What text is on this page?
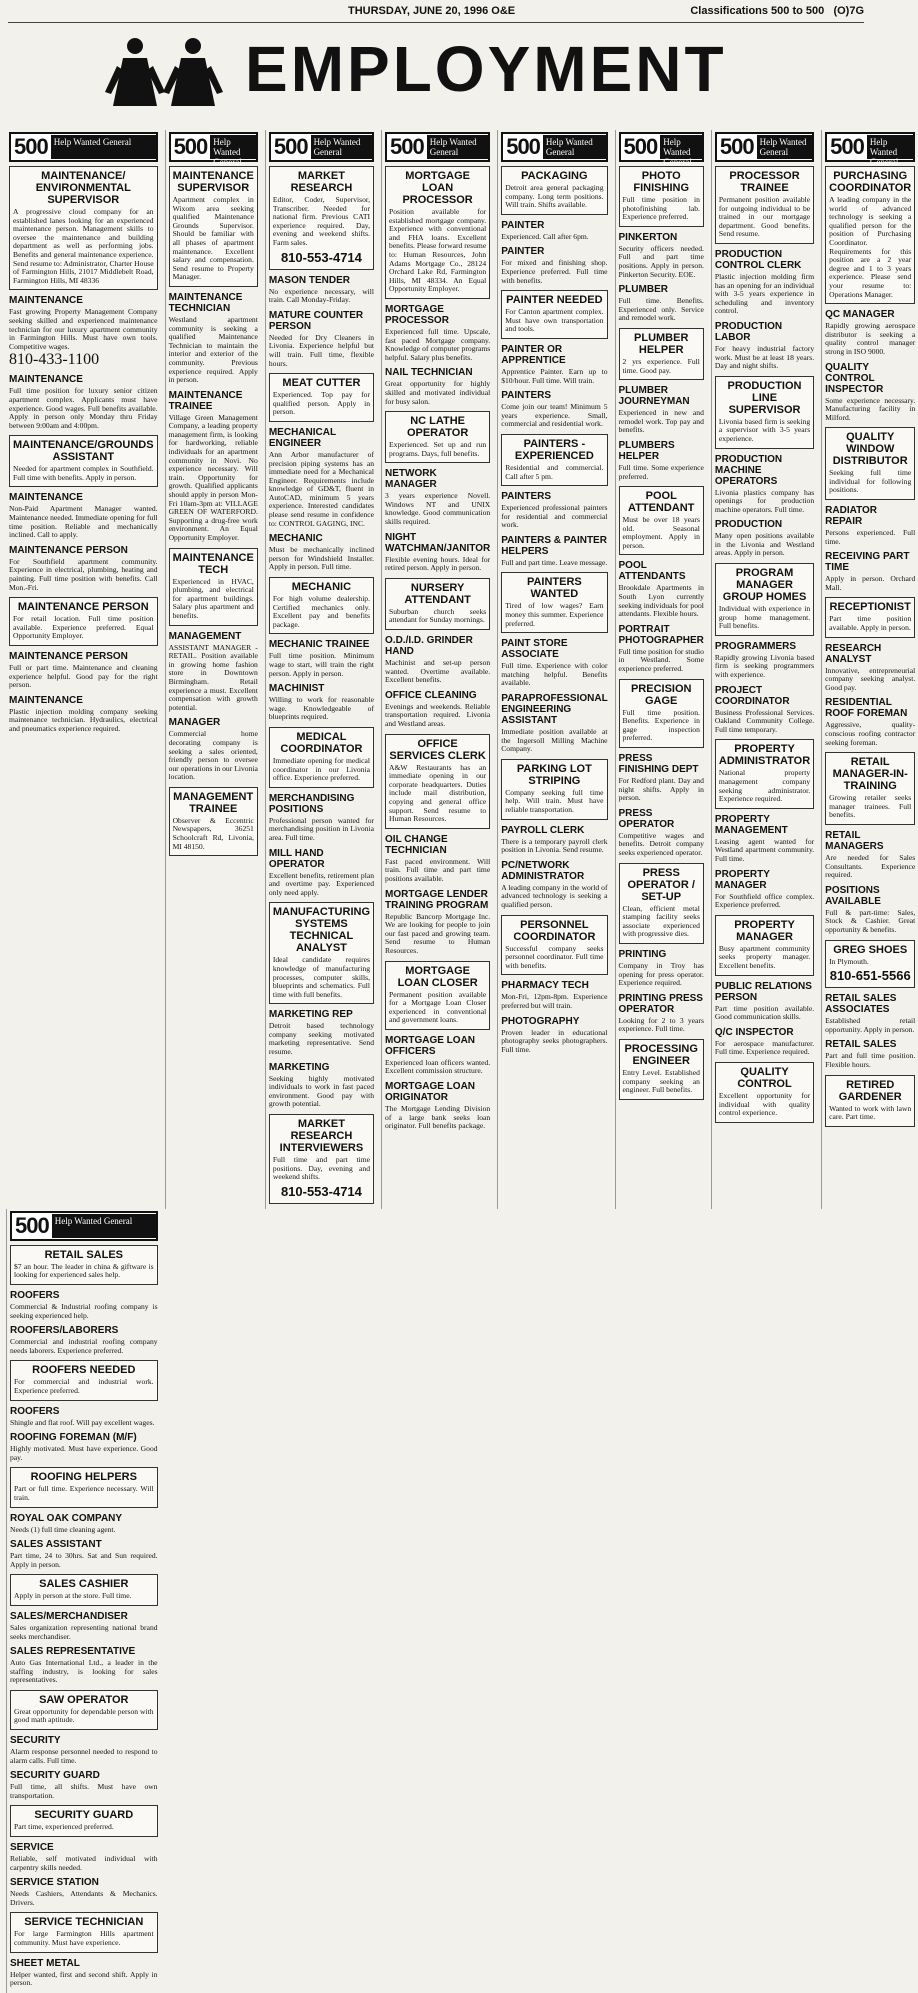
THURSDAY, JUNE 20, 1996 O&E	Classifications 500 to 500 (O)7G
EMPLOYMENT
500 Help Wanted General
MAINTENANCE/ ENVIRONMENTAL SUPERVISOR

A progressive cloud company for an established lanes looking for an experienced maintenance person. Management skills to oversee the maintenance and building department as well as performing jobs. Benefits and general maintenance experience. Send resume to: Administrator, Charter House of Farmington Hills, 21017 Middlebelt Road, Farmington Hills, MI 48336

MAINTENANCE

Fast growing Property Management Company seeking skilled and experienced maintenance technician for our luxury apartment community in Farmington Hills. Must have own tools. Competitive wages.

810-433-1100
MAINTENANCE

Full time position for luxury senior citizen apartment complex. Applicants must have experience. Good wages. Full benefits available. Apply in person only Monday thru Friday between 9:00am and 4:00pm.

MAINTENANCE/GROUNDS ASSISTANT

Needed for apartment complex in Southfield. Full time with benefits. Apply in person.

MAINTENANCE

Non-Paid Apartment Manager wanted. Maintenance needed. Immediate opening for full time position. Reliable and mechanically inclined. Call to apply.

MAINTENANCE PERSON

For Southfield apartment community. Experience in electrical, plumbing, heating and painting. Full time position with benefits. Call Mon.-Fri.

MAINTENANCE PERSON

For retail location. Full time position available. Experience preferred. Equal Opportunity Employer.

MAINTENANCE PERSON

Full or part time. Maintenance and cleaning experience helpful. Good pay for the right person.

MAINTENANCE

Plastic injection molding company seeking maintenance technician. Hydraulics, electrical and pneumatics experience required.

500 Help Wanted General
MAINTENANCE SUPERVISOR

Apartment complex in Wixom area seeking qualified Maintenance Grounds Supervisor. Should be familiar with all phases of apartment maintenance. Excellent salary and compensation. Send resume to Property Manager.

MAINTENANCE TECHNICIAN

Westland apartment community is seeking a qualified Maintenance Technician to maintain the interior and exterior of the community. Previous experience required. Apply in person.

MAINTENANCE TRAINEE

Village Green Management Company, a leading property management firm, is looking for hardworking, reliable individuals for an apartment community in Novi. No experience necessary. Will train. Opportunity for growth. Qualified applicants should apply in person Mon-Fri 10am-3pm at: VILLAGE GREEN OF WATERFORD. Supporting a drug-free work environment. An Equal Opportunity Employer.

MAINTENANCE TECH

Experienced in HVAC, plumbing, and electrical for apartment buildings. Salary plus apartment and benefits.

MANAGEMENT

ASSISTANT MANAGER - RETAIL. Position available in growing home fashion store in Downtown Birmingham. Retail experience a must. Excellent compensation with growth potential.

MANAGER

Commercial home decorating company is seeking a sales oriented, friendly person to oversee our operations in our Livonia location.

MANAGEMENT TRAINEE

Observer & Eccentric Newspapers, 36251 Schoolcraft Rd, Livonia, MI 48150.

500 Help Wanted General
MARKET RESEARCH

Editor, Coder, Supervisor, Transcriber. Needed for national firm. Previous CATI experience required. Day, evening and weekend shifts. Farm sales.

810-553-4714
MASON TENDER

No experience necessary, will train. Call Monday-Friday.

MATURE COUNTER PERSON

Needed for Dry Cleaners in Livonia. Experience helpful but will train. Full time, flexible hours.

MEAT CUTTER

Experienced. Top pay for qualified person. Apply in person.

MECHANICAL ENGINEER

Ann Arbor manufacturer of precision piping systems has an immediate need for a Mechanical Engineer. Requirements include knowledge of GD&T, fluent in AutoCAD, minimum 5 years experience. Interested candidates please send resume in confidence to: CONTROL GAGING, INC.

MECHANIC

Must be mechanically inclined person for Windshield Installer. Apply in person. Full time.

MECHANIC

For high volume dealership. Certified mechanics only. Excellent pay and benefits package.

MECHANIC TRAINEE

Full time position. Minimum wage to start, will train the right person. Apply in person.

MACHINIST

Willing to work for reasonable wage. Knowledgeable of blueprints required.

MEDICAL COORDINATOR

Immediate opening for medical coordinator in our Livonia office. Experience preferred.

MERCHANDISING POSITIONS

Professional person wanted for merchandising position in Livonia area. Full time.

MILL HAND OPERATOR

Excellent benefits, retirement plan and overtime pay. Experienced only need apply.

MANUFACTURING SYSTEMS TECHNICAL ANALYST

Ideal candidate requires knowledge of manufacturing processes, computer skills, blueprints and schematics. Full time with full benefits.

MARKETING REP

Detroit based technology company seeking motivated marketing representative. Send resume.

MARKETING

Seeking highly motivated individuals to work in fast paced environment. Good pay with growth potential.

MARKET RESEARCH INTERVIEWERS

Full time and part time positions. Day, evening and weekend shifts.

810-553-4714
500 Help Wanted General
MORTGAGE LOAN PROCESSOR

Position available for established mortgage company. Experience with conventional and FHA loans. Excellent benefits. Please forward resume to: Human Resources, John Adams Mortgage Co., 28124 Orchard Lake Rd, Farmington Hills, MI 48334. An Equal Opportunity Employer.

MORTGAGE PROCESSOR

Experienced full time. Upscale, fast paced Mortgage company. Knowledge of computer programs helpful. Salary plus benefits.

NAIL TECHNICIAN

Great opportunity for highly skilled and motivated individual for busy salon.

NC LATHE OPERATOR

Experienced. Set up and run programs. Days, full benefits.

NETWORK MANAGER

3 years experience Novell. Windows NT and UNIX knowledge. Good communication skills required.

NIGHT WATCHMAN/JANITOR

Flexible evening hours. Ideal for retired person. Apply in person.

NURSERY ATTENDANT

Suburban church seeks attendant for Sunday mornings.

O.D./I.D. GRINDER HAND

Machinist and set-up person wanted. Overtime available. Excellent benefits.

OFFICE CLEANING

Evenings and weekends. Reliable transportation required. Livonia and Westland areas.

OFFICE SERVICES CLERK

A&W Restaurants has an immediate opening in our corporate headquarters. Duties include mail distribution, copying and general office support. Send resume to Human Resources.

OIL CHANGE TECHNICIAN

Fast paced environment. Will train. Full time and part time positions available.

MORTGAGE LENDER TRAINING PROGRAM

Republic Bancorp Mortgage Inc. We are looking for people to join our fast paced and growing team. Send resume to Human Resources.

MORTGAGE LOAN CLOSER

Permanent position available for a Mortgage Loan Closer experienced in conventional and government loans.

MORTGAGE LOAN OFFICERS

Experienced loan officers wanted. Excellent commission structure.

MORTGAGE LOAN ORIGINATOR

The Mortgage Lending Division of a large bank seeks loan originator. Full benefits package.

500 Help Wanted General
PACKAGING

Detroit area general packaging company. Long term positions. Will train. Shifts available.

PAINTER

Experienced. Call after 6pm.

PAINTER

For mixed and finishing shop. Experience preferred. Full time with benefits.

PAINTER NEEDED

For Canton apartment complex. Must have own transportation and tools.

PAINTER OR APPRENTICE

Apprentice Painter. Earn up to $10/hour. Full time. Will train.

PAINTERS

Come join our team! Minimum 5 years experience. Small, commercial and residential work.

PAINTERS - EXPERIENCED

Residential and commercial. Call after 5 pm.

PAINTERS

Experienced professional painters for residential and commercial work.

PAINTERS & PAINTER HELPERS

Full and part time. Leave message.

PAINTERS WANTED

Tired of low wages? Earn money this summer. Experience preferred.

PAINT STORE ASSOCIATE

Full time. Experience with color matching helpful. Benefits available.

PARAPROFESSIONAL ENGINEERING ASSISTANT

Immediate position available at the Ingersoll Milling Machine Company.

PARKING LOT STRIPING

Company seeking full time help. Will train. Must have reliable transportation.

PAYROLL CLERK

There is a temporary payroll clerk position in Livonia. Send resume.

PC/NETWORK ADMINISTRATOR

A leading company in the world of advanced technology is seeking a qualified person.

PERSONNEL COORDINATOR

Successful company seeks personnel coordinator. Full time with benefits.

PHARMACY TECH

Mon-Fri, 12pm-8pm. Experience preferred but will train.

PHOTOGRAPHY

Proven leader in educational photography seeks photographers. Full time.

500 Help Wanted General
PHOTO FINISHING

Full time position in photofinishing lab. Experience preferred.

PINKERTON

Security officers needed. Full and part time positions. Apply in person. Pinkerton Security. EOE.

PLUMBER

Full time. Benefits. Experienced only. Service and remodel work.

PLUMBER HELPER

2 yrs experience. Full time. Good pay.

PLUMBER JOURNEYMAN

Experienced in new and remodel work. Top pay and benefits.

PLUMBERS HELPER

Full time. Some experience preferred.

POOL ATTENDANT

Must be over 18 years old. Seasonal employment. Apply in person.

POOL ATTENDANTS

Brookdale Apartments in South Lyon currently seeking individuals for pool attendants. Flexible hours.

PORTRAIT PHOTOGRAPHER

Full time position for studio in Westland. Some experience preferred.

PRECISION GAGE

Full time position. Benefits. Experience in gage inspection preferred.

PRESS FINISHING DEPT

For Redford plant. Day and night shifts. Apply in person.

PRESS OPERATOR

Competitive wages and benefits. Detroit company seeks experienced operator.

PRESS OPERATOR / SET-UP

Clean, efficient metal stamping facility seeks associate experienced with progressive dies.

PRINTING

Company in Troy has opening for press operator. Experience required.

PRINTING PRESS OPERATOR

Looking for 2 to 3 years experience. Full time.

PROCESSING ENGINEER

Entry Level. Established company seeking an engineer. Full benefits.

500 Help Wanted General
PROCESSOR TRAINEE

Permanent position available for outgoing individual to be trained in our mortgage department. Good benefits. Send resume.

PRODUCTION CONTROL CLERK

Plastic injection molding firm has an opening for an individual with 3-5 years experience in scheduling and inventory control.

PRODUCTION LABOR

For heavy industrial factory work. Must be at least 18 years. Day and night shifts.

PRODUCTION LINE SUPERVISOR

Livonia based firm is seeking a supervisor with 3-5 years experience.

PRODUCTION MACHINE OPERATORS

Livonia plastics company has openings for production machine operators. Full time.

PRODUCTION

Many open positions available in the Livonia and Westland areas. Apply in person.

PROGRAM MANAGER GROUP HOMES

Individual with experience in group home management. Full benefits.

PROGRAMMERS

Rapidly growing Livonia based firm is seeking programmers with experience.

PROJECT COORDINATOR

Business Professional Services. Oakland Community College. Full time temporary.

PROPERTY ADMINISTRATOR

National property management company seeking administrator. Experience required.

PROPERTY MANAGEMENT

Leasing agent wanted for Westland apartment community. Full time.

PROPERTY MANAGER

For Southfield office complex. Experience preferred.

PROPERTY MANAGER

Busy apartment community seeks property manager. Excellent benefits.

PUBLIC RELATIONS PERSON

Part time position available. Good communication skills.

Q/C INSPECTOR

For aerospace manufacturer. Full time. Experience required.

QUALITY CONTROL

Excellent opportunity for individual with quality control experience.

500 Help Wanted General
PURCHASING COORDINATOR

A leading company in the world of advanced technology is seeking a qualified person for the position of Purchasing Coordinator. Requirements for this position are a 2 year degree and 1 to 3 years experience. Please send your resume to: Operations Manager.

QC MANAGER

Rapidly growing aerospace distributor is seeking a quality control manager strong in ISO 9000.

QUALITY CONTROL INSPECTOR

Some experience necessary. Manufacturing facility in Milford.

QUALITY WINDOW DISTRIBUTOR

Seeking full time individual for following positions.

RADIATOR REPAIR

Persons experienced. Full time.

RECEIVING PART TIME

Apply in person. Orchard Mall.

RECEPTIONIST

Part time position available. Apply in person.

RESEARCH ANALYST

Innovative, entrepreneurial company seeking analyst. Good pay.

RESIDENTIAL ROOF FOREMAN

Aggressive, quality-conscious roofing contractor seeking foreman.

RETAIL MANAGER-IN-TRAINING

Growing retailer seeks manager trainees. Full benefits.

RETAIL MANAGERS

Are needed for Sales Consultants. Experience required.

POSITIONS AVAILABLE

Full & part-time: Sales, Stock & Cashier. Great opportunity & benefits.

GREG SHOES

In Plymouth.

810-651-5566
RETAIL SALES ASSOCIATES

Established retail opportunity. Apply in person.

RETAIL SALES

Part and full time position. Flexible hours.

RETIRED GARDENER

Wanted to work with lawn care. Part time.

500 Help Wanted General
RETAIL SALES

$7 an hour. The leader in china & giftware is looking for experienced sales help.

ROOFERS

Commercial & Industrial roofing company is seeking experienced help.

ROOFERS/LABORERS

Commercial and industrial roofing company needs laborers. Experience preferred.

ROOFERS NEEDED

For commercial and industrial work. Experience preferred.

ROOFERS

Shingle and flat roof. Will pay excellent wages.

ROOFING FOREMAN (M/F)

Highly motivated. Must have experience. Good pay.

ROOFING HELPERS

Part or full time. Experience necessary. Will train.

ROYAL OAK COMPANY

Needs (1) full time cleaning agent.

SALES ASSISTANT

Part time, 24 to 30hrs. Sat and Sun required. Apply in person.

SALES CASHIER

Apply in person at the store. Full time.

SALES/MERCHANDISER

Sales organization representing national brand seeks merchandiser.

SALES REPRESENTATIVE

Auto Gas International Ltd., a leader in the staffing industry, is looking for sales representatives.

SAW OPERATOR

Great opportunity for dependable person with good math aptitude.

SECURITY

Alarm response personnel needed to respond to alarm calls. Full time.

SECURITY GUARD

Full time, all shifts. Must have own transportation.

SECURITY GUARD

Part time, experienced preferred.

SERVICE

Reliable, self motivated individual with carpentry skills needed.

SERVICE STATION

Needs Cashiers, Attendants & Mechanics. Drivers.

SERVICE TECHNICIAN

For large Farmington Hills apartment community. Must have experience.

SHEET METAL

Helper wanted, first and second shift. Apply in person.
